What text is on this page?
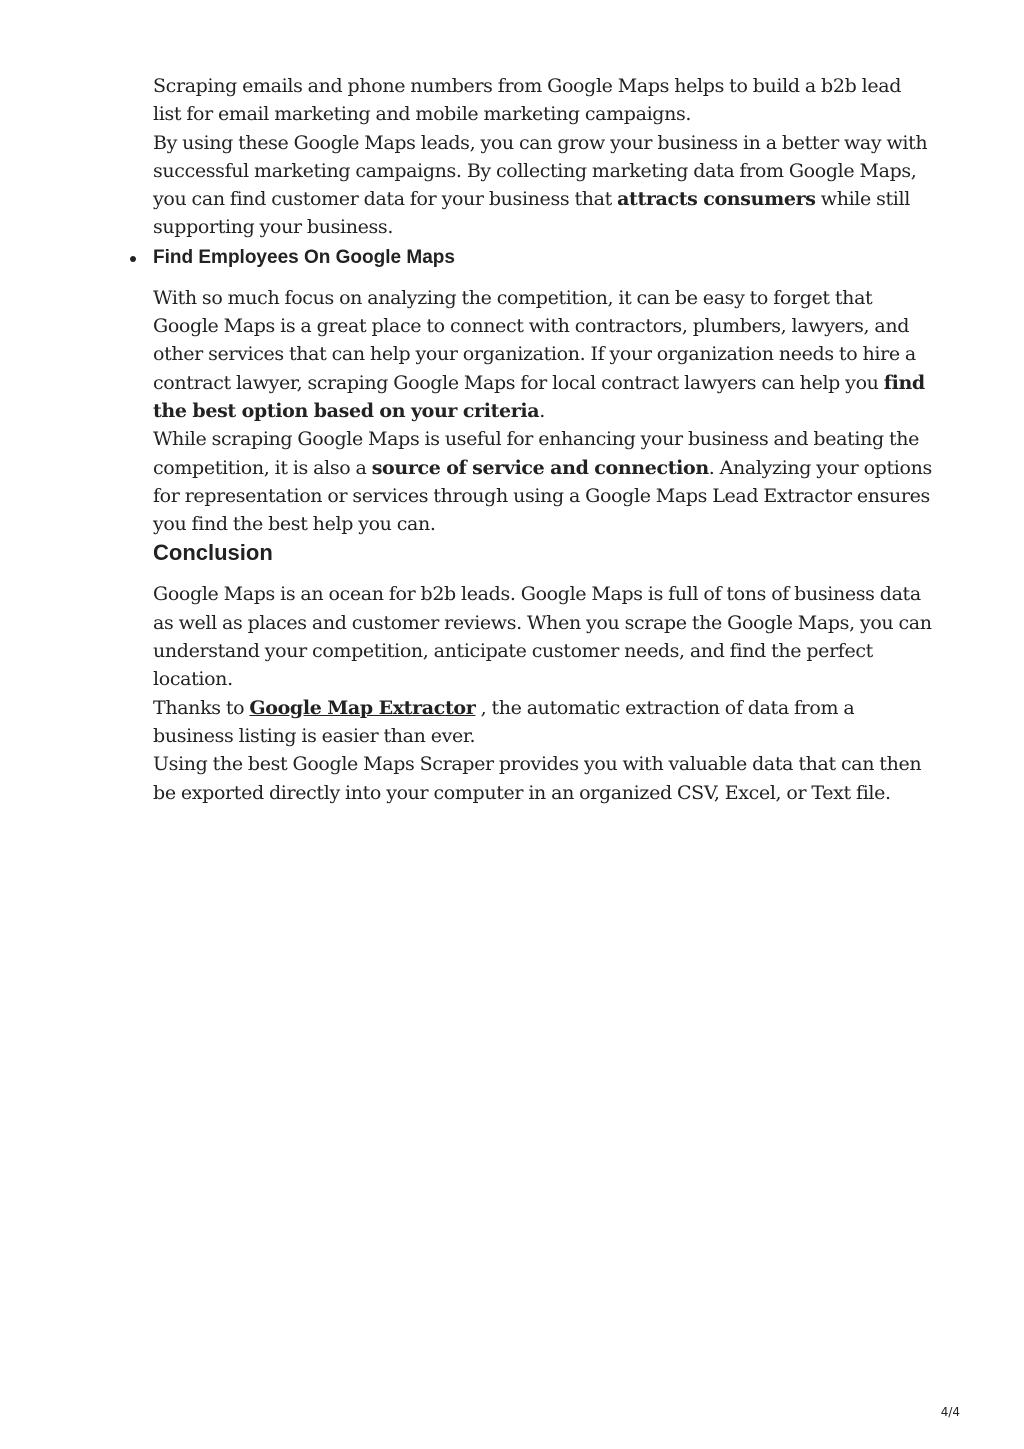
Scraping emails and phone numbers from Google Maps helps to build a b2b lead list for email marketing and mobile marketing campaigns.

By using these Google Maps leads, you can grow your business in a better way with successful marketing campaigns. By collecting marketing data from Google Maps, you can find customer data for your business that attracts consumers while still supporting your business.

Find Employees On Google Maps

With so much focus on analyzing the competition, it can be easy to forget that Google Maps is a great place to connect with contractors, plumbers, lawyers, and other services that can help your organization. If your organization needs to hire a contract lawyer, scraping Google Maps for local contract lawyers can help you find the best option based on your criteria.

While scraping Google Maps is useful for enhancing your business and beating the competition, it is also a source of service and connection. Analyzing your options for representation or services through using a Google Maps Lead Extractor ensures you find the best help you can.

Conclusion

Google Maps is an ocean for b2b leads. Google Maps is full of tons of business data as well as places and customer reviews. When you scrape the Google Maps, you can understand your competition, anticipate customer needs, and find the perfect location.

Thanks to Google Map Extractor , the automatic extraction of data from a business listing is easier than ever.

Using the best Google Maps Scraper provides you with valuable data that can then be exported directly into your computer in an organized CSV, Excel, or Text file.

4/4
